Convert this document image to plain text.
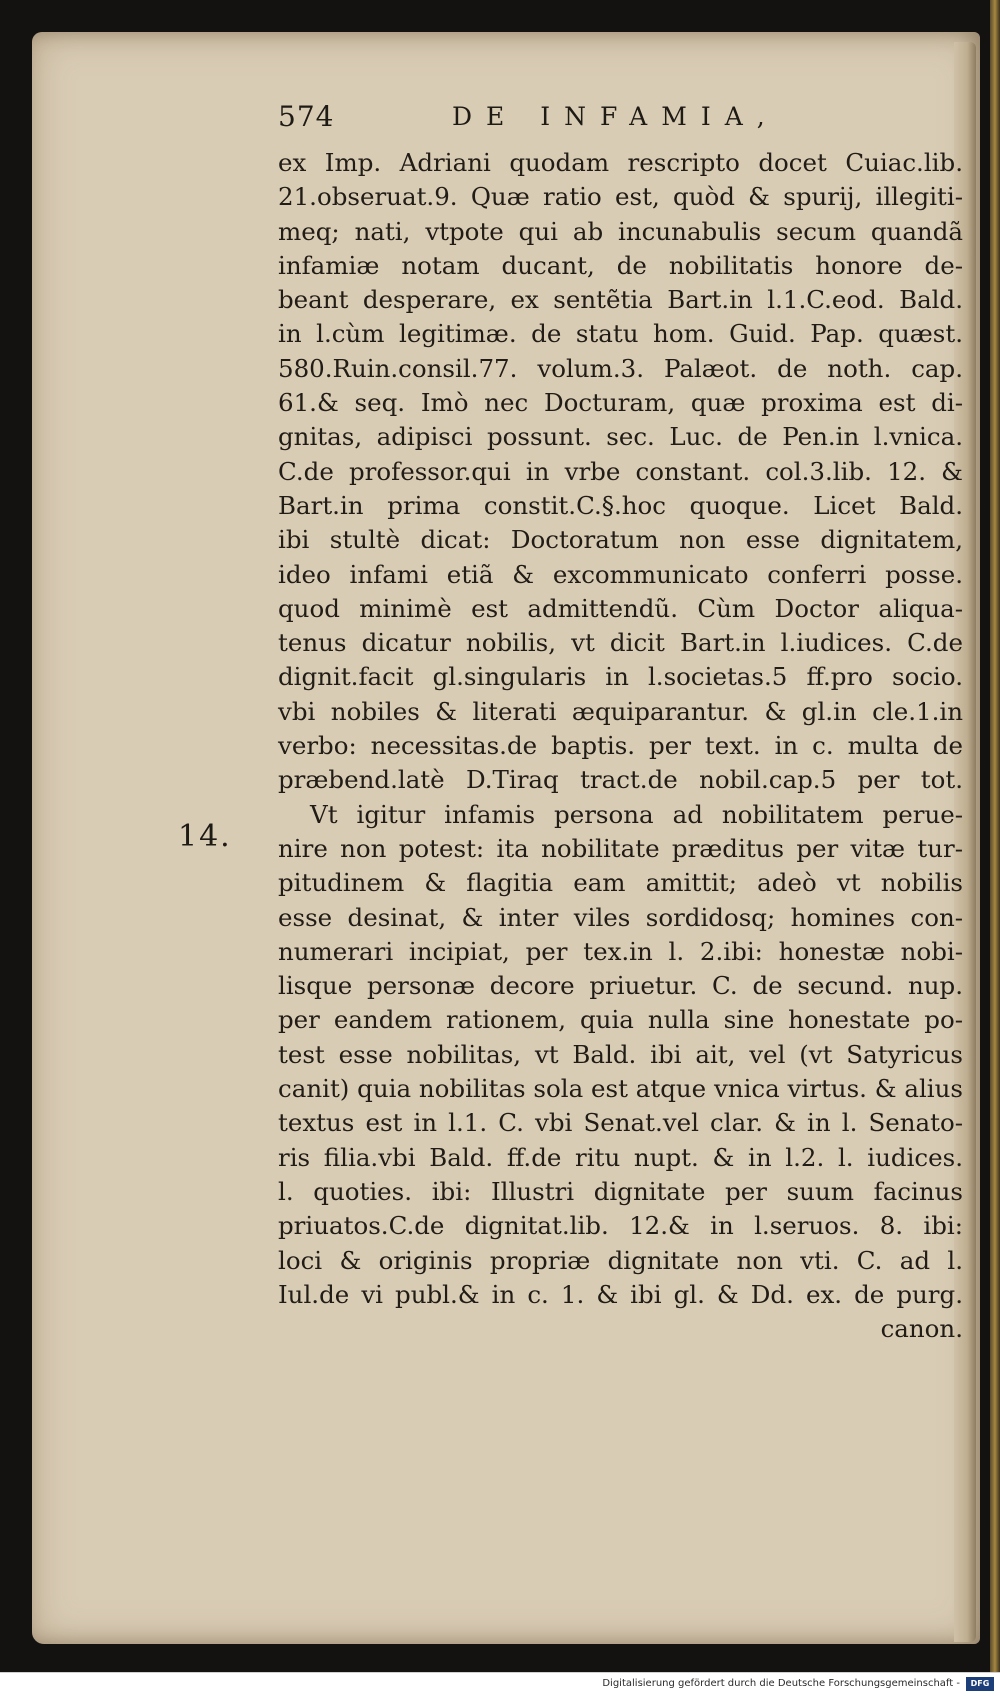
574	DE INFAMIA,
14.
ex Imp. Adriani quodam rescripto docet Cuiac.lib.
21.obseruat.9. Quæ ratio est, quòd & spurij, illegiti-
meq; nati, vtpote qui ab incunabulis secum quandã
infamiæ notam ducant, de nobilitatis honore de-
beant desperare, ex sentẽtia Bart.in l.1.C.eod. Bald.
in l.cùm legitimæ. de statu hom. Guid. Pap. quæst.
580.Ruin.consil.77. volum.3. Palæot. de noth. cap.
61.& seq. Imò nec Docturam, quæ proxima est di-
gnitas, adipisci possunt. sec. Luc. de Pen.in l.vnica.
C.de professor.qui in vrbe constant. col.3.lib. 12. &
Bart.in prima constit.C.§.hoc quoque. Licet Bald.
ibi stultè dicat: Doctoratum non esse dignitatem,
ideo infami etiã & excommunicato conferri posse.
quod minimè est admittendũ. Cùm Doctor aliqua-
tenus dicatur nobilis, vt dicit Bart.in l.iudices. C.de
dignit.facit gl.singularis in l.societas.5 ff.pro socio.
vbi nobiles & literati æquiparantur. & gl.in cle.1.in
verbo: necessitas.de baptis. per text. in c. multa de
præbend.latè D.Tiraq tract.de nobil.cap.5 per tot.
Vt igitur infamis persona ad nobilitatem perue-
nire non potest: ita nobilitate præditus per vitæ tur-
pitudinem & flagitia eam amittit; adeò vt nobilis
esse desinat, & inter viles sordidosq; homines con-
numerari incipiat, per tex.in l. 2.ibi: honestæ nobi-
lisque personæ decore priuetur. C. de secund. nup.
per eandem rationem, quia nulla sine honestate po-
test esse nobilitas, vt Bald. ibi ait, vel (vt Satyricus
canit) quia nobilitas sola est atque vnica virtus. & alius
textus est in l.1. C. vbi Senat.vel clar. & in l. Senato-
ris filia.vbi Bald. ff.de ritu nupt. & in l.2. l. iudices.
l. quoties. ibi: Illustri dignitate per suum facinus
priuatos.C.de dignitat.lib. 12.& in l.seruos. 8. ibi:
loci & originis propriæ dignitate non vti. C. ad l.
Iul.de vi publ.& in c. 1. & ibi gl. & Dd. ex. de purg.
canon.
Digitalisierung gefördert durch die Deutsche Forschungsgemeinschaft -	DFG
